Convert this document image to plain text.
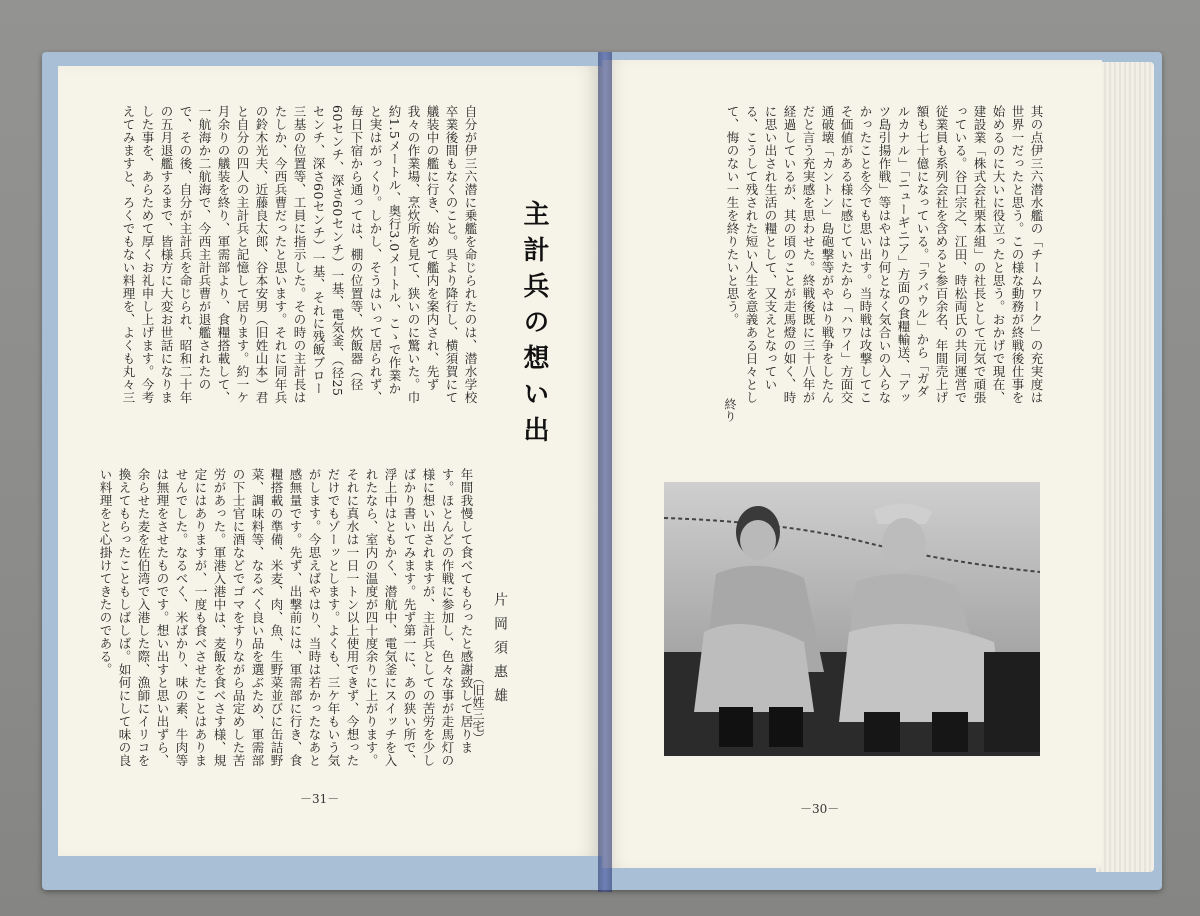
自分が伊三六潜に乗艦を命じられたのは、潜水学校卒業後間もなくのこと。呉より降行し、横須賀にて艤装中の艦に行き、始めて艦内を案内され、先ず我々の作業場、烹炊所を見て、狭いのに驚いた。巾約1.5メートル、奥行3.0メートル、こゝで作業かと実はがっくり。しかし、そうはいって居られず、毎日下宿から通っては、棚の位置等、炊飯器（径60センチ、深さ60センチ）一基、電気釜、（径25センチ、深さ60センチ）一基、それに残飯ブロー三基の位置等、工員に指示した。その時の主計長はたしか、今西兵曹だったと思います。それに同年兵の鈴木光夫、近藤良太郎、谷本安男（旧姓山本）君と自分の四人の主計兵と記憶して居ります。約一ケ月余りの艤装を終り、軍需部より、食糧搭載して、一航海か二航海で、今西主計兵曹が退艦されたので、その後、自分が主計兵を命じられ、昭和二十年の五月退艦するまで、皆様方に大変お世話になりました事を、あらためて厚くお礼申し上げます。今考えてみますと、ろくでもない料理を、よくも丸々三	主計兵の想い出
片岡須惠雄
（旧姓三宅）

年間我慢して食べてもらったと感謝致して居ります。ほとんどの作戦に参加し、色々な事が走馬灯の様に想い出されますが、主計兵としての苦労を少しばかり書いてみます。先ず第一に、あの狭い所で、浮上中はともかく、潜航中、電気釜にスイッチを入れたなら、室内の温度が四十度余りに上がります。それに真水は一日一トン以上使用できず、今想っただけでもゾーッとします。よくも、三ケ年もいう気がします。今思えばやはり、当時は若かったなあと感無量です。先ず、出撃前には、軍需部に行き、食糧搭載の準備、米麦、肉、魚、生野菜並びに缶詰野菜、調味料等、なるべく良い品を選ぶため、軍需部の下士官に酒などでゴマをすりながら品定めした苦労があった。軍港入港中は、麦飯を食べさす様、規定にはありますが、一度も食べさせたことはありませんでした。なるべく、米ばかり、味の素、牛肉等は無理をさせたものです。想い出すと思い出ずら、余らせた麦を佐伯湾で入港した際、漁師にイリコを換えてもらったこともしばしば。如何にして味の良い料理をと心掛けてきたのである。

－31－

其の点伊三六潜水艦の「チームワーク」の充実度は世界一だったと思う。この様な動務が終戦後仕事を始めるのに大いに役立ったと思う。おかげで現在、建設業「株式会社栗本組」の社長として元気で頑張っている。谷口宗之、江田、時松両氏の共同運営で従業員も系列会社を含めると参百余名、年間売上げ額も七十億になっている。「ラバウル」から「ガダルカナル」「ニューギニア」方面の食糧輸送、「アッツ島引揚作戦」等はやはり何となく気合いの入らなかったことを今でも思い出す。当時戦は攻撃してこそ価値がある様に感じていたから「ハワイ」方面交通破壊「カントン」島砲撃等がやはり戦争をしたんだと言う充実感を思わせた。終戦後既に三十八年が経過しているが、其の頃のことが走馬燈の如く、時に思い出され生活の糧として、又支えとなっている、こうして残された短い人生を意義ある日々として、悔のない一生を終りたいと思う。

終り
－30－
